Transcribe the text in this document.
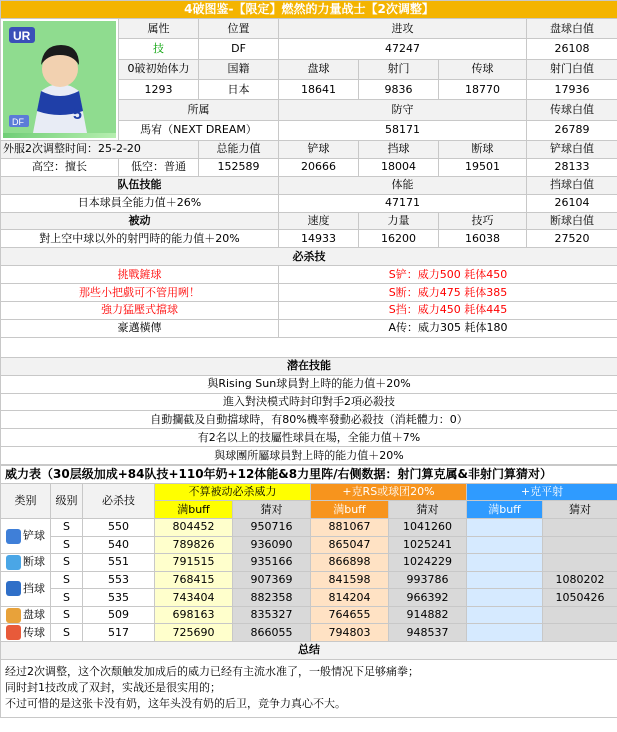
4破图鉴-【限定】燃然的力量战士【2次调整】						

UR
5
DF	属性	位置	进攻			盘球白值
	技	DF	47247			26108
	0破初始体力	国籍	盘球	射门	传球	射门白值
	1293	日本	18641	9836	18770	17936
	所属		防守			传球白值
	馬宥（NEXT DREAM）		58171			26789
外服2次调整时间：25-2-20		总能力值	铲球	挡球	断球	铲球白值
高空：擅长	低空：普通	152589	20666	18004	19501	28133
队伍技能			体能			挡球白值
日本球員全能力值＋26%			47171			26104
被动			速度	力量	技巧	断球白值
對上空中球以外的射門時的能力值＋20%			14933	16200	16038	27520
必杀技						
挑戰鏟球			S铲：威力500 耗体450			
那些小把戲可不管用咧！			S断：威力475 耗体385			
強力猛壓式擋球			S挡：威力450 耗体445			
豪邁橫傳			A传：威力305 耗体180			

潜在技能						
與Rising Sun球員對上時的能力值＋20%						
進入對決模式時封印對手2項必殺技						
自動攔截及自動擋球時，有80%機率發動必殺技（消耗體力：0）						
有2名以上的技屬性球員在場，全能力值＋7%						
與球團所屬球員對上時的能力值＋20%						
威力表（30层级加成+84队技+110年奶+12体能&8力里阵/右侧数据：射门算克属&非射门算猜对）								
类别	级别	必杀技	不算被动必杀威力		+克RS或球团20%		+克平射	
			满buff	猜对	满buff	猜对	满buff	猜对
铲球	S	550	804452	950716	881067	1041260		
	S	540	789826	936090	865047	1025241		
断球	S	551	791515	935166	866898	1024229		
挡球	S	553	768415	907369	841598	993786		1080202
	S	535	743404	882358	814204	966392		1050426
盘球	S	509	698163	835327	764655	914882		
传球	S	517	725690	866055	794803	948537		
总结								

经过2次调整，这个次颓触发加成后的威力已经有主流水准了，一般情况下足够痛拳；
同时封1技改成了双封，实战还是很实用的；
不过可惜的是这张卡没有奶，这年头没有奶的后卫，竞争力真心不大。								
